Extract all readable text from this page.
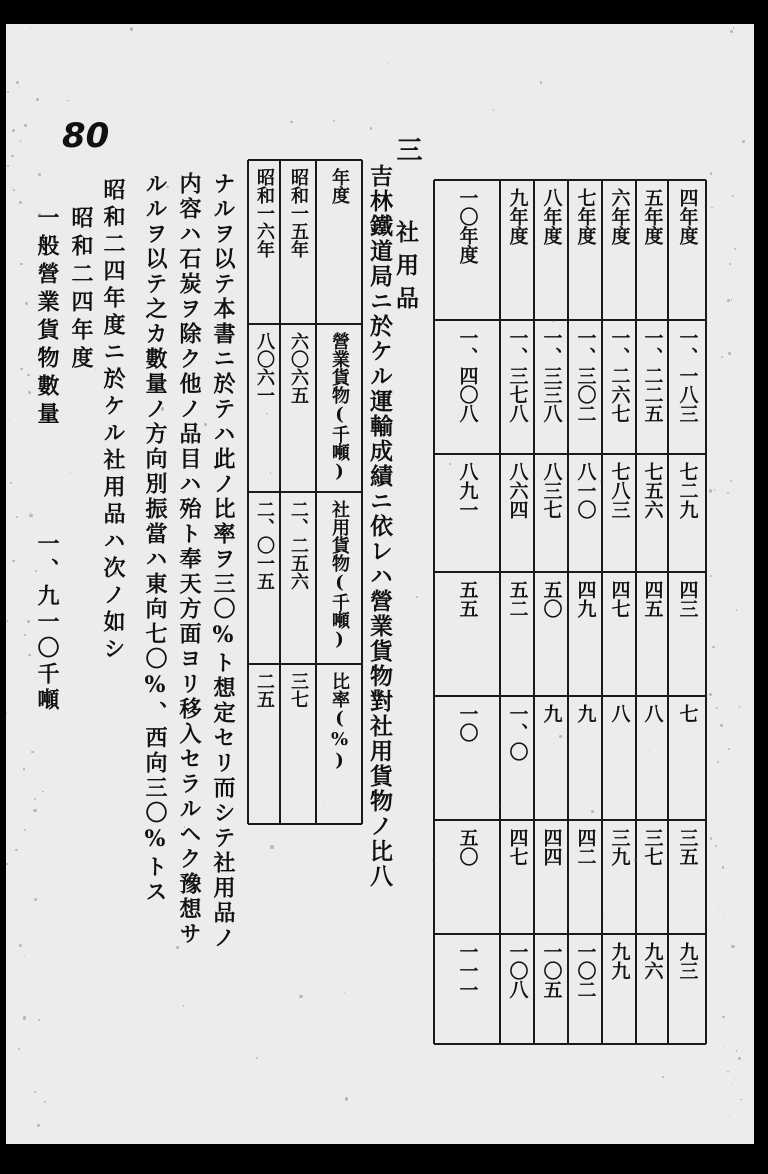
80	三
社用品
吉林鐵道局ニ於ケル運輸成績ニ依レハ營業貨物對社用貨物ノ比八	四年度
一、一八三
七二九
四三
七
三五
九三
五年度
一、二二五
七五六
四五
八
三七
九六
六年度
一、二六七
七八三
四七
八
三九
九九
七年度
一、三〇二
八一〇
四九
九
四二
一〇二
八年度
一、三三八
八三七
五〇
九
四四
一〇五
九年度
一、三七八
八六四
五二
一、〇
四七
一〇八
一〇年度
一、四〇八
八九一
五五
一〇
五〇
一一一
年度
營業貨物(千噸)
社用貨物(千噸)
比率(%)
昭和一五年
六〇六五
二、二五六
三七
昭和一六年
八〇六一
二、〇一五
二五
ナルヲ以テ本書ニ於テハ此ノ比率ヲ三〇%ト想定セリ而シテ社用品ノ
内容ハ石炭ヲ除ク他ノ品目ハ殆ト奉天方面ヨリ移入セラルヘク豫想サ
ルルヲ以テ之カ數量ノ方向別振當ハ東向七〇%、西向三〇%トス
昭和二四年度ニ於ケル社用品ハ次ノ如シ
昭和二四年度
一般營業貨物數量
一、九一〇千噸
